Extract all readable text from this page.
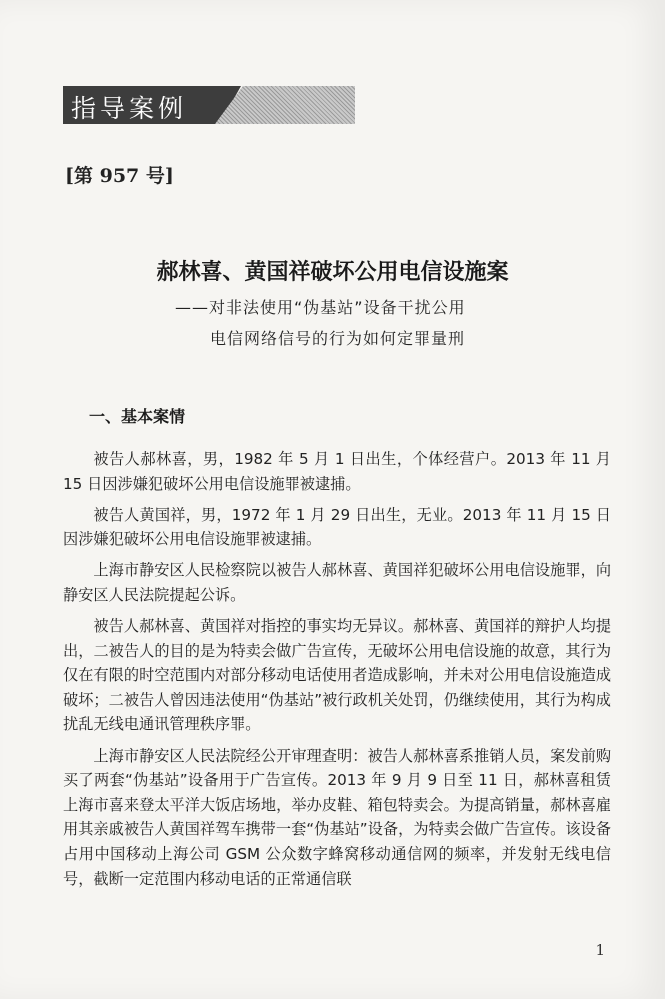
指导案例
[第 957 号]
郝林喜、黄国祥破坏公用电信设施案
——对非法使用“伪基站”设备干扰公用
电信网络信号的行为如何定罪量刑
一、基本案情

被告人郝林喜，男，1982 年 5 月 1 日出生，个体经营户。2013 年 11 月 15 日因涉嫌犯破坏公用电信设施罪被逮捕。

被告人黄国祥，男，1972 年 1 月 29 日出生，无业。2013 年 11 月 15 日因涉嫌犯破坏公用电信设施罪被逮捕。

上海市静安区人民检察院以被告人郝林喜、黄国祥犯破坏公用电信设施罪，向静安区人民法院提起公诉。

被告人郝林喜、黄国祥对指控的事实均无异议。郝林喜、黄国祥的辩护人均提出，二被告人的目的是为特卖会做广告宣传，无破坏公用电信设施的故意，其行为仅在有限的时空范围内对部分移动电话使用者造成影响，并未对公用电信设施造成破坏；二被告人曾因违法使用“伪基站”被行政机关处罚，仍继续使用，其行为构成扰乱无线电通讯管理秩序罪。

上海市静安区人民法院经公开审理查明：被告人郝林喜系推销人员，案发前购买了两套“伪基站”设备用于广告宣传。2013 年 9 月 9 日至 11 日，郝林喜租赁上海市喜来登太平洋大饭店场地，举办皮鞋、箱包特卖会。为提高销量，郝林喜雇用其亲戚被告人黄国祥驾车携带一套“伪基站”设备，为特卖会做广告宣传。该设备占用中国移动上海公司 GSM 公众数字蜂窝移动通信网的频率，并发射无线电信号，截断一定范围内移动电话的正常通信联

1
